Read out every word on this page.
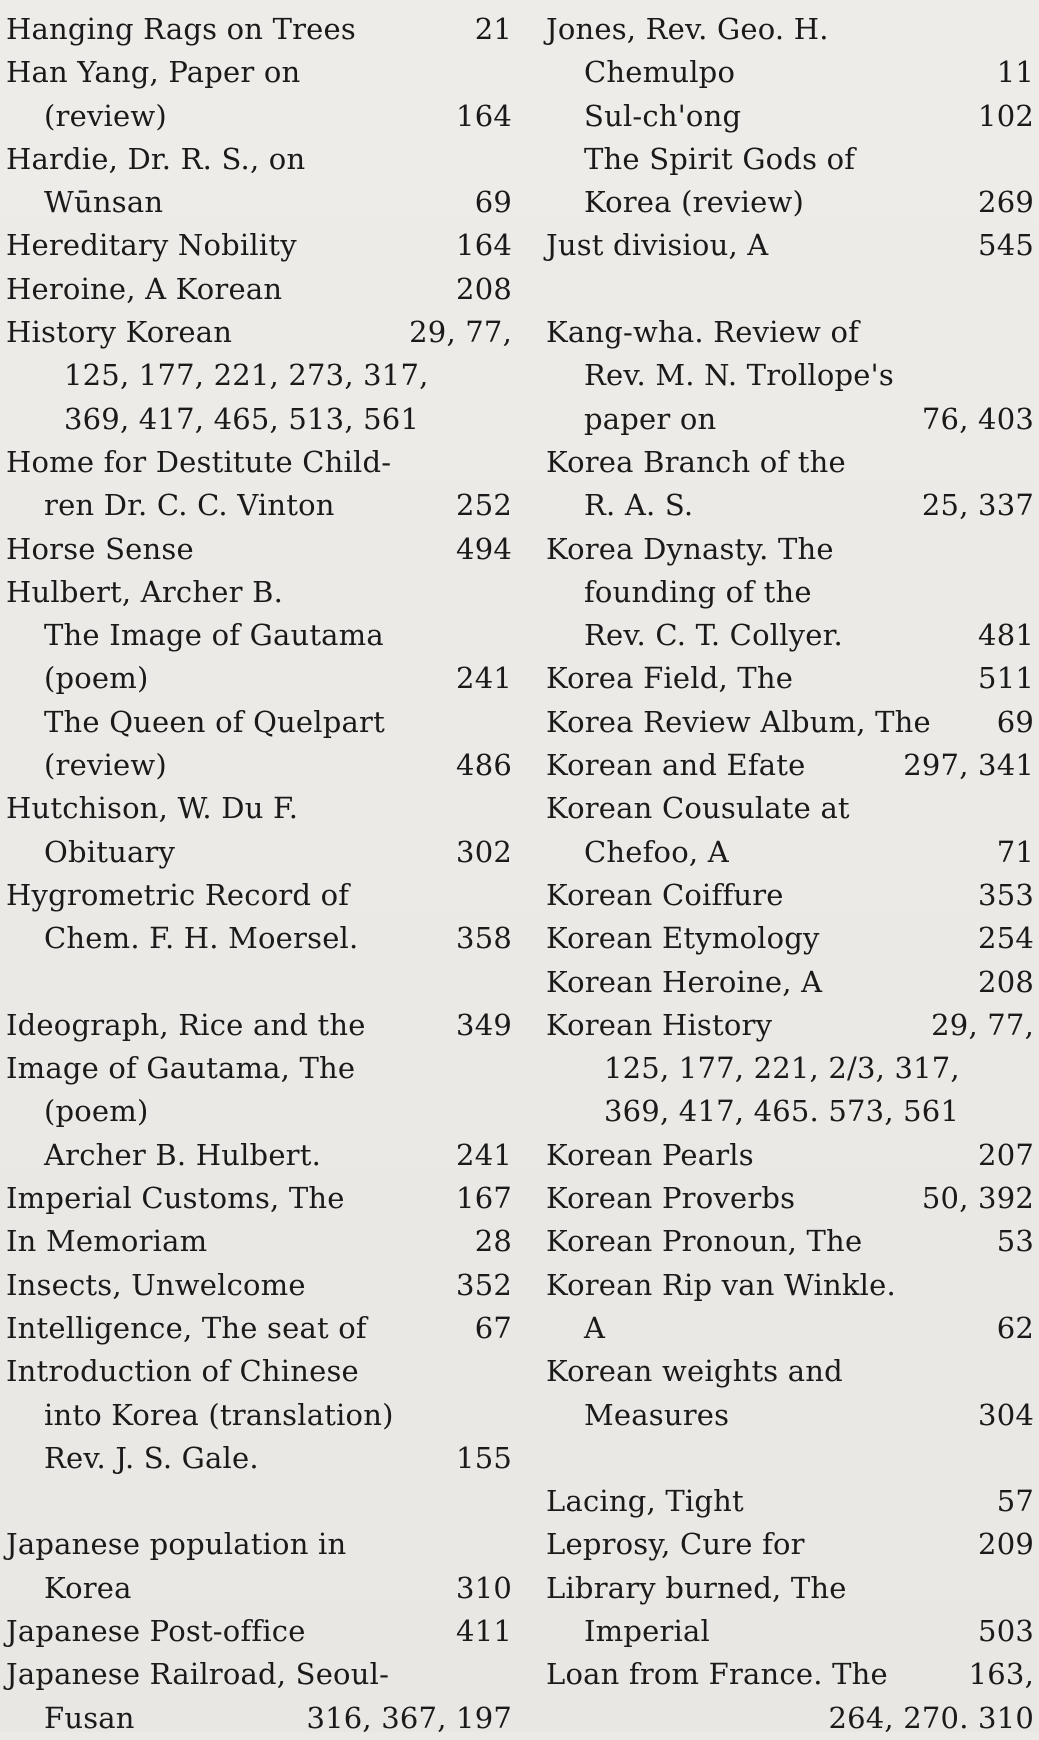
Hanging Rags on Trees	21
Han Yang, Paper on
(review)	164
Hardie, Dr. R. S., on
Wūnsan	69
Hereditary Nobility	164
Heroine, A Korean	208
History Korean	29, 77,
125, 177, 221, 273, 317,
369, 417, 465, 513, 561
Home for Destitute Child-
ren Dr. C. C. Vinton	252
Horse Sense	494
Hulbert, Archer B.
The Image of Gautama
(poem)	241
The Queen of Quelpart
(review)	486
Hutchison, W. Du F.
Obituary	302
Hygrometric Record of
Chem. F. H. Moersel.	358
Ideograph, Rice and the	349
Image of Gautama, The
(poem)
Archer B. Hulbert.	241
Imperial Customs, The	167
In Memoriam	28
Insects, Unwelcome	352
Intelligence, The seat of	67
Introduction of Chinese
into Korea (translation)
Rev. J. S. Gale.	155
Japanese population in
Korea	310
Japanese Post-office	411
Japanese Railroad, Seoul-
Fusan	316, 367, 197
Jones, Rev. Geo. H.
Chemulpo	11
Sul-ch'ong	102
The Spirit Gods of
Korea (review)	269
Just divisiou, A	545
Kang-wha. Review of
Rev. M. N. Trollope's
paper on	76, 403
Korea Branch of the
R. A. S.	25, 337
Korea Dynasty. The
founding of the
Rev. C. T. Collyer.	481
Korea Field, The	511
Korea Review Album, The 69
Korean and Efate	297, 341
Korean Cousulate at
Chefoo, A	71
Korean Coiffure	353
Korean Etymology	254
Korean Heroine, A	208
Korean History	29, 77,
125, 177, 221, 2/3, 317,
369, 417, 465. 573, 561
Korean Pearls	207
Korean Proverbs	50, 392
Korean Pronoun, The	53
Korean Rip van Winkle.
A	62
Korean weights and
Measures	304
Lacing, Tight	57
Leprosy, Cure for	209
Library burned, The
Imperial	503
Loan from France. The	163,
264, 270. 310
